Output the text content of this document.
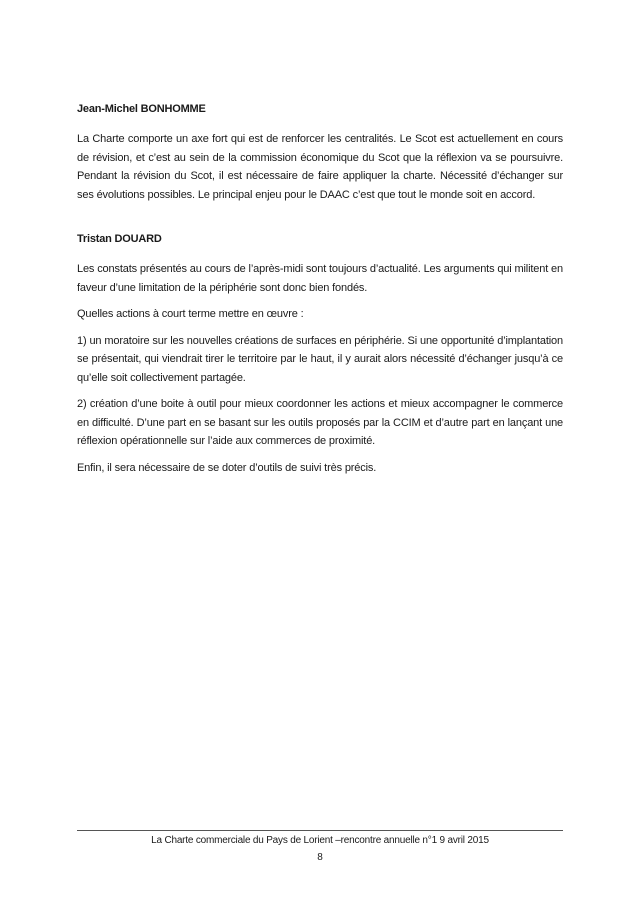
Jean-Michel BONHOMME

La Charte comporte un axe fort qui est de renforcer les centralités. Le Scot est actuellement en cours de révision, et c’est au sein de la commission économique du Scot que la réflexion va se poursuivre. Pendant la révision du Scot, il est nécessaire de faire appliquer la charte. Nécessité d’échanger sur ses évolutions possibles. Le principal enjeu pour le DAAC c’est que tout le monde soit en accord.

Tristan DOUARD

Les constats présentés au cours de l’après-midi sont toujours d’actualité. Les arguments qui militent en faveur d’une limitation de la périphérie sont donc bien fondés.

Quelles actions à court terme mettre en œuvre :

1) un moratoire sur les nouvelles créations de surfaces en périphérie. Si une opportunité d’implantation se présentait, qui viendrait tirer le territoire par le haut, il y aurait alors nécessité d’échanger jusqu’à ce qu’elle soit collectivement partagée.

2) création d’une boite à outil pour mieux coordonner les actions et mieux accompagner le commerce en difficulté. D’une part en se basant sur les outils proposés par la CCIM et d’autre part en lançant une réflexion opérationnelle sur l’aide aux commerces de proximité.

Enfin, il sera nécessaire de se doter d’outils de suivi très précis.

La Charte commerciale du Pays de Lorient –rencontre annuelle n°1 9 avril 2015
8
